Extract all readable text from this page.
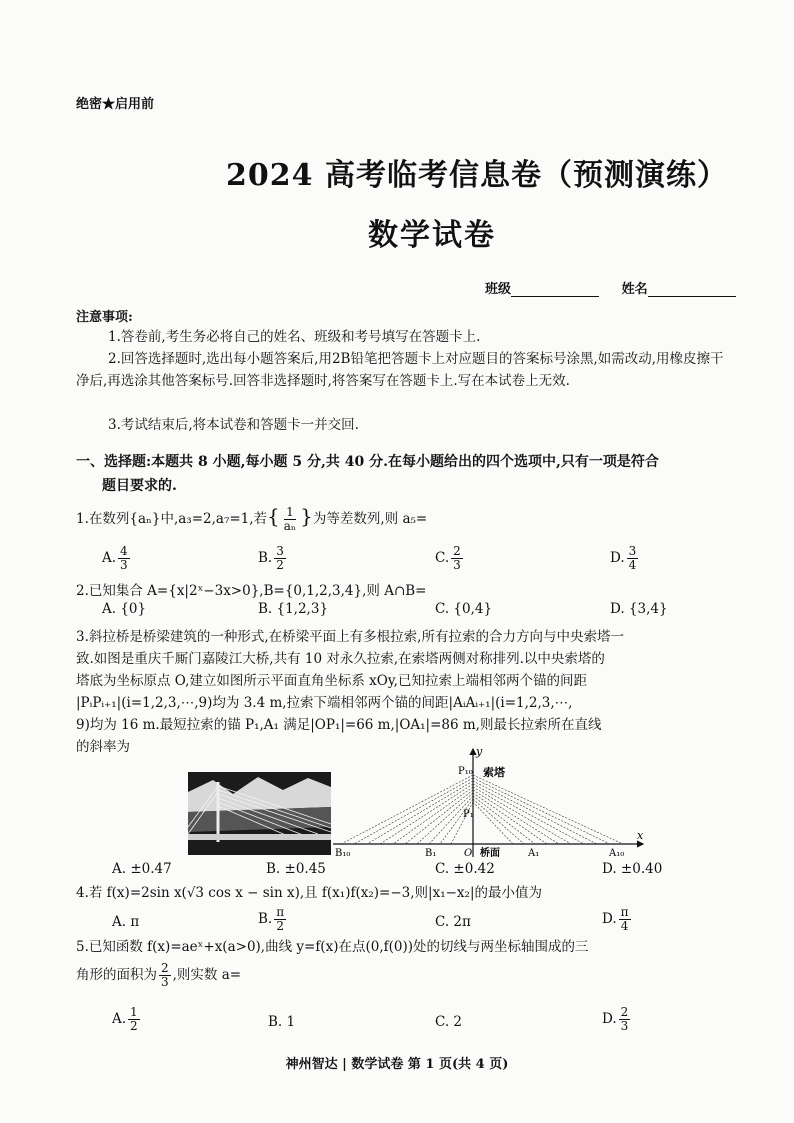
绝密★启用前
2024 高考临考信息卷（预测演练）
数学试卷
班级	姓名
注意事项:
1.答卷前,考生务必将自己的姓名、班级和考号填写在答题卡上.
2.回答选择题时,选出每小题答案后,用2B铅笔把答题卡上对应题目的答案标号涂黑,如需改动,用橡皮擦干净后,再选涂其他答案标号.回答非选择题时,将答案写在答题卡上.写在本试卷上无效.
3.考试结束后,将本试卷和答题卡一并交回.
一、选择题:本题共 8 小题,每小题 5 分,共 40 分.在每小题给出的四个选项中,只有一项是符合
题目要求的.
1.在数列{aₙ}中,a₃=2,a₇=1,若{ $\frac{1}{\text{aₙ}}$ }为等差数列,则 a₅=
A. $\frac{4}{3}$	B. $\frac{3}{2}$	C. $\frac{2}{3}$	D. $\frac{3}{4}$
2.已知集合 A={x|2ˣ−3x>0},B={0,1,2,3,4},则 A∩B=
A. {0}	B. {1,2,3}	C. {0,4}	D. {3,4}
3.斜拉桥是桥梁建筑的一种形式,在桥梁平面上有多根拉索,所有拉索的合力方向与中央索塔一
致.如图是重庆千厮门嘉陵江大桥,共有 10 对永久拉索,在索塔两侧对称排列.以中央索塔的
塔底为坐标原点 O,建立如图所示平面直角坐标系 xOy,已知拉索上端相邻两个锚的间距
|PᵢPᵢ₊₁|(i=1,2,3,⋯,9)均为 3.4 m,拉索下端相邻两个锚的间距|AᵢAᵢ₊₁|(i=1,2,3,⋯,
9)均为 16 m.最短拉索的锚 P₁,A₁ 满足|OP₁|=66 m,|OA₁|=86 m,则最长拉索所在直线
的斜率为	y
x
P₁₀ 索塔
P₁
B₁₀	B₁	O 桥面	A₁	A₁₀
A. ±0.47	B. ±0.45	C. ±0.42	D. ±0.40
4.若 f(x)=2sin x(√3 cos x − sin x),且 f(x₁)f(x₂)=−3,则|x₁−x₂|的最小值为
A. π	B. $\frac{\pi}{2}$	C. 2π	D. $\frac{\pi}{4}$
5.已知函数 f(x)=aeˣ+x(a>0),曲线 y=f(x)在点(0,f(0))处的切线与两坐标轴围成的三
角形的面积为 $\frac{2}{3}$ ,则实数 a=
A. $\frac{1}{2}$	B. 1	C. 2	D. $\frac{2}{3}$
神州智达 | 数学试卷 第 1 页(共 4 页)
